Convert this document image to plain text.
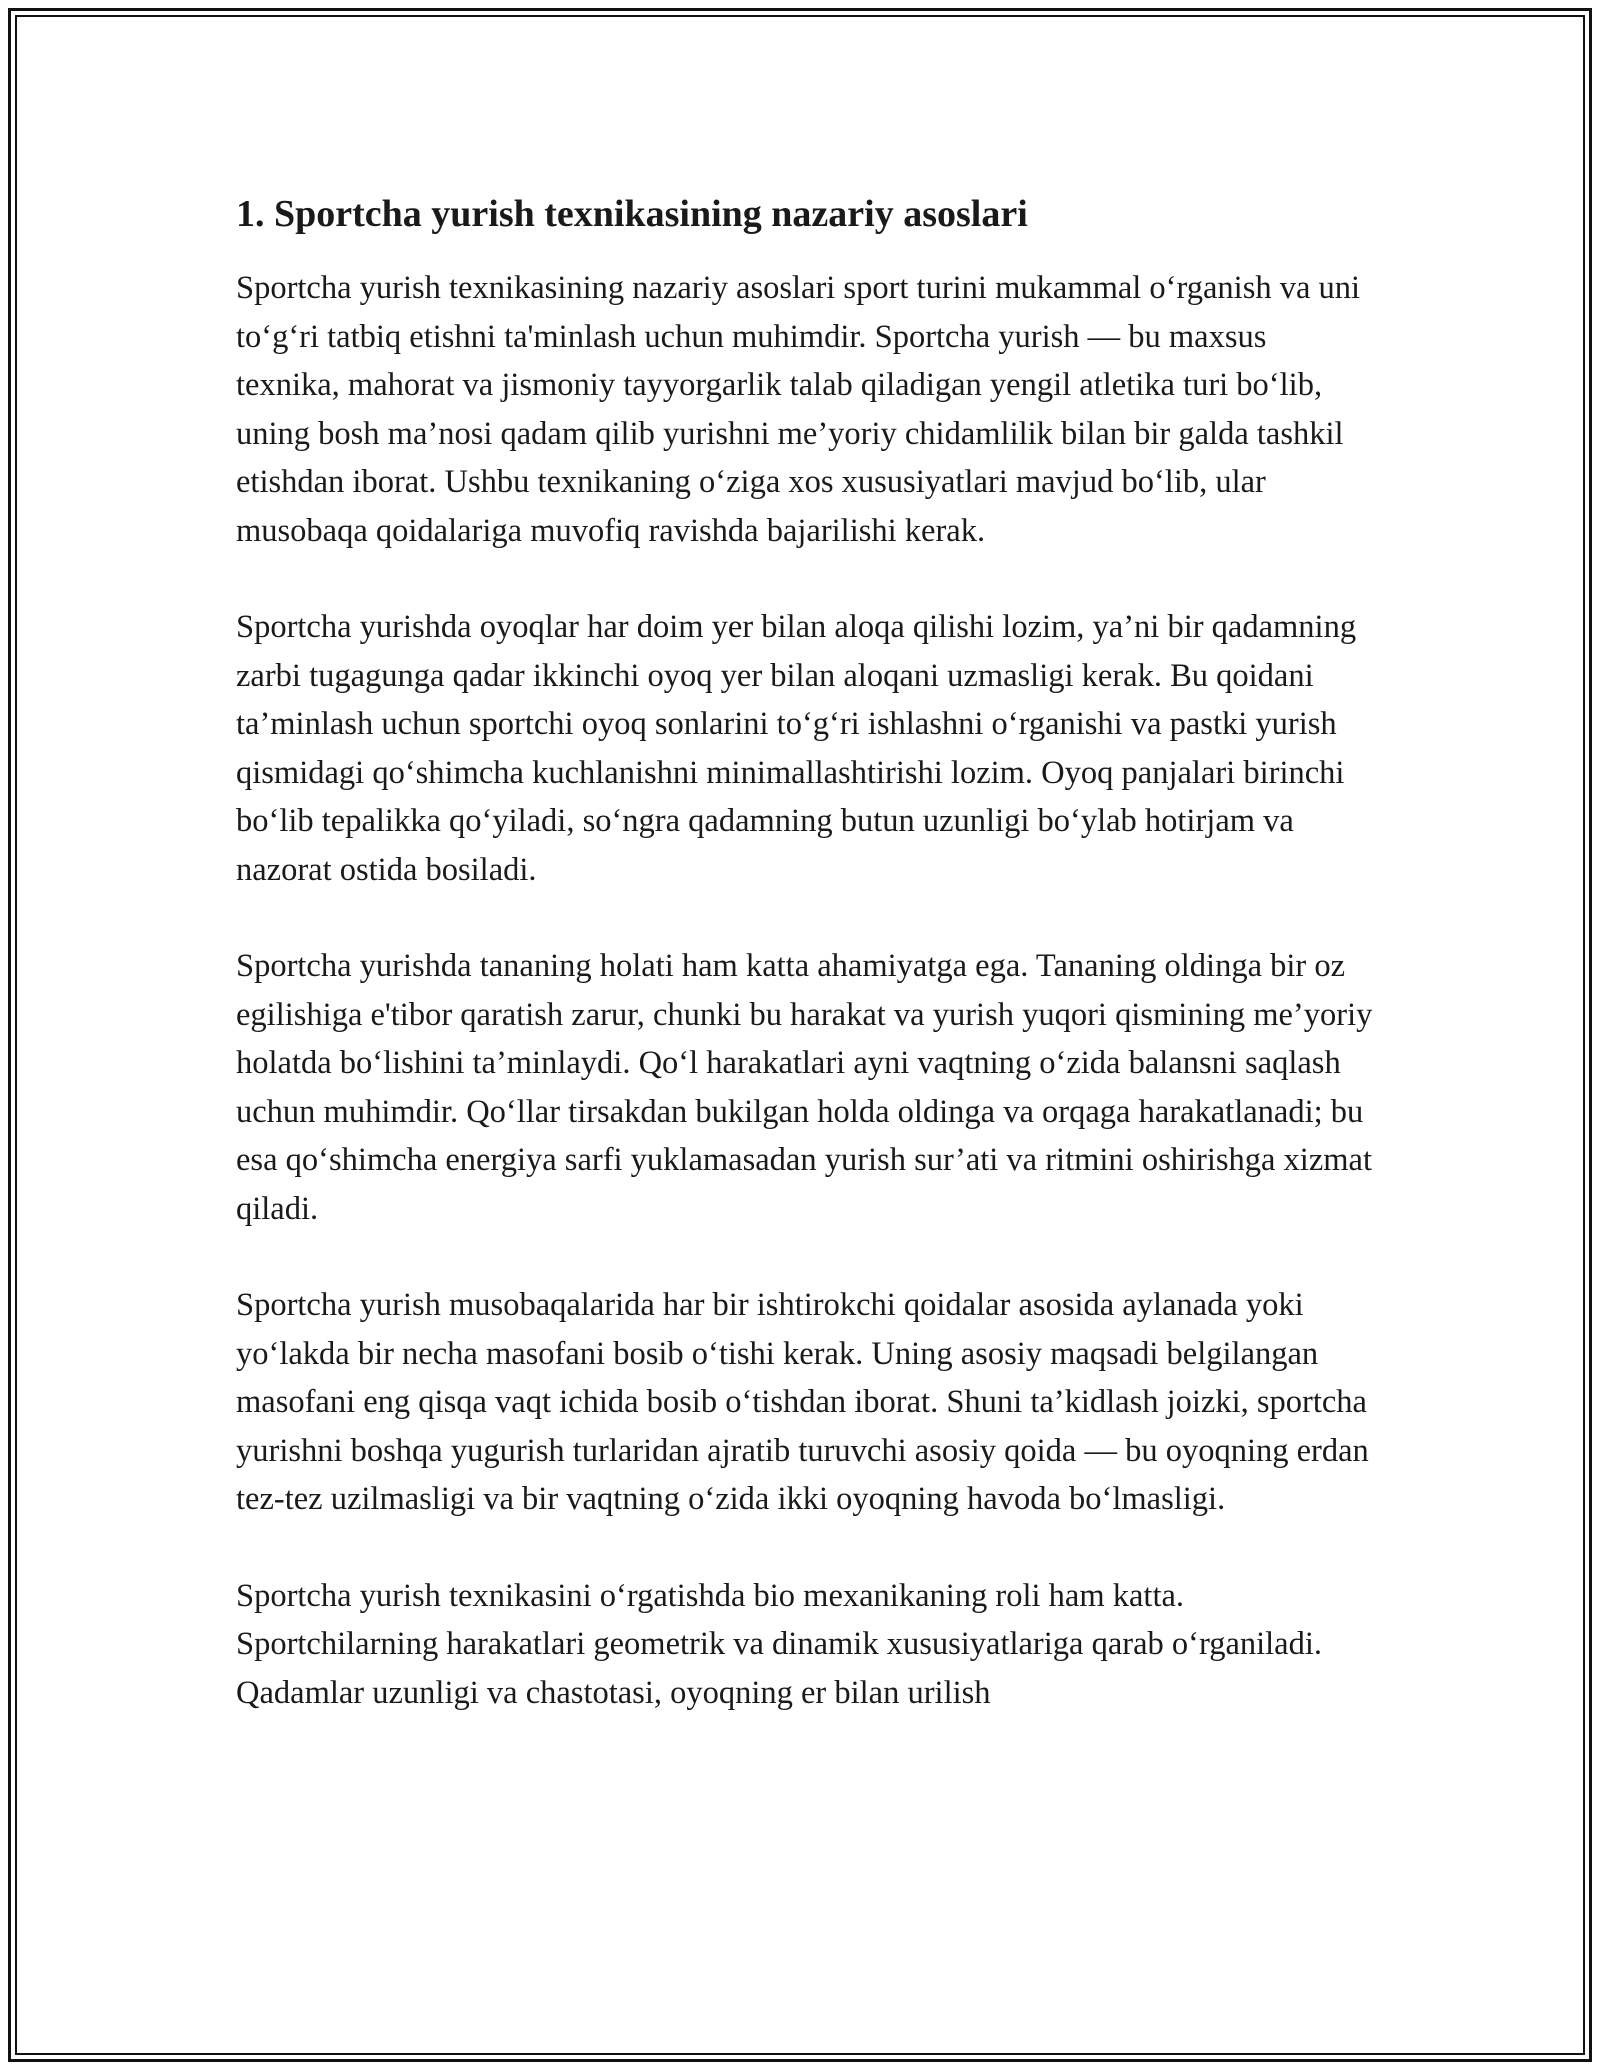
1. Sportcha yurish texnikasining nazariy asoslari

Sportcha yurish texnikasining nazariy asoslari sport turini mukammal o‘rganish va uni to‘g‘ri tatbiq etishni ta'minlash uchun muhimdir. Sportcha yurish — bu maxsus texnika, mahorat va jismoniy tayyorgarlik talab qiladigan yengil atletika turi bo‘lib, uning bosh ma’nosi qadam qilib yurishni me’yoriy chidamlilik bilan bir galda tashkil etishdan iborat. Ushbu texnikaning o‘ziga xos xususiyatlari mavjud bo‘lib, ular musobaqa qoidalariga muvofiq ravishda bajarilishi kerak.

Sportcha yurishda oyoqlar har doim yer bilan aloqa qilishi lozim, ya’ni bir qadamning zarbi tugagunga qadar ikkinchi oyoq yer bilan aloqani uzmasligi kerak. Bu qoidani ta’minlash uchun sportchi oyoq sonlarini to‘g‘ri ishlashni o‘rganishi va pastki yurish qismidagi qo‘shimcha kuchlanishni minimallashtirishi lozim. Oyoq panjalari birinchi bo‘lib tepalikka qo‘yiladi, so‘ngra qadamning butun uzunligi bo‘ylab hotirjam va nazorat ostida bosiladi.

Sportcha yurishda tananing holati ham katta ahamiyatga ega. Tananing oldinga bir oz egilishiga e'tibor qaratish zarur, chunki bu harakat va yurish yuqori qismining me’yoriy holatda bo‘lishini ta’minlaydi. Qo‘l harakatlari ayni vaqtning o‘zida balansni saqlash uchun muhimdir. Qo‘llar tirsakdan bukilgan holda oldinga va orqaga harakatlanadi; bu esa qo‘shimcha energiya sarfi yuklamasadan yurish sur’ati va ritmini oshirishga xizmat qiladi.

Sportcha yurish musobaqalarida har bir ishtirokchi qoidalar asosida aylanada yoki yo‘lakda bir necha masofani bosib o‘tishi kerak. Uning asosiy maqsadi belgilangan masofani eng qisqa vaqt ichida bosib o‘tishdan iborat. Shuni ta’kidlash joizki, sportcha yurishni boshqa yugurish turlaridan ajratib turuvchi asosiy qoida — bu oyoqning erdan tez-tez uzilmasligi va bir vaqtning o‘zida ikki oyoqning havoda bo‘lmasligi.

Sportcha yurish texnikasini o‘rgatishda bio mexanikaning roli ham katta. Sportchilarning harakatlari geometrik va dinamik xususiyatlariga qarab o‘rganiladi. Qadamlar uzunligi va chastotasi, oyoqning er bilan urilish
